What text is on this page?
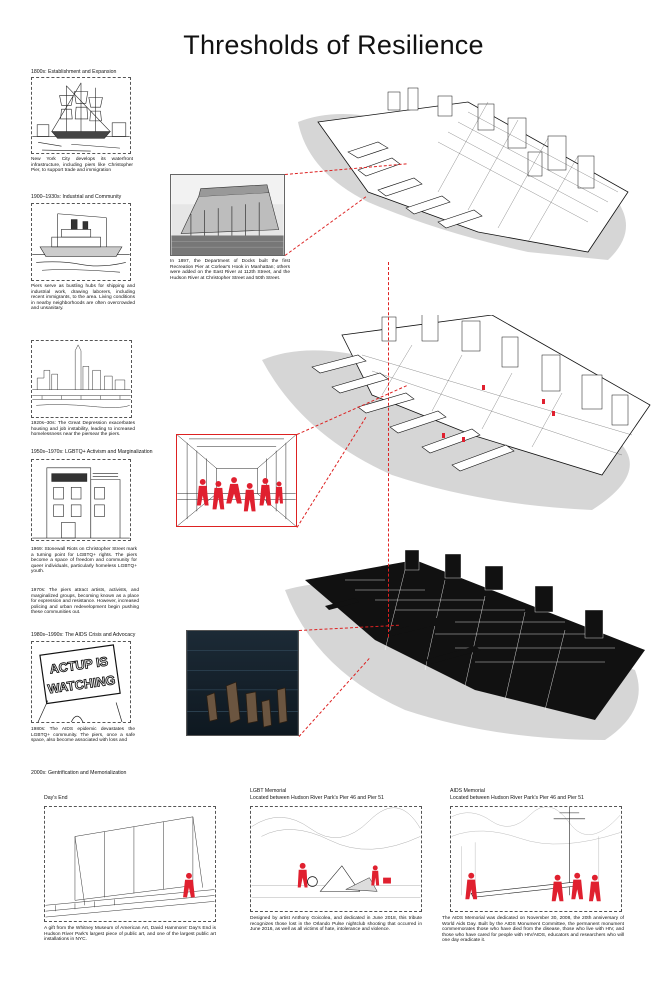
Thresholds of Resilience
1800s: Establishment and Expansion
New York City develops its waterfront infrastructure, including piers like Christopher Pier, to support trade and immigration
1900–1930s: Industrial and Community
Piers serve as bustling hubs for shipping and industrial work, drawing laborers, including recent immigrants, to the area. Living conditions in nearby neighborhoods are often overcrowded and unsanitary.
1920s–30s: The Great Depression exacerbates housing and job instability, leading to increased homelessness near the piersear the piers.
1950s–1970s: LGBTQ+ Activism and Marginalization
1969: Stonewall Riots on Christopher Street mark a turning point for LGBTQ+ rights. The piers become a space of freedom and community for queer individuals, particularly homeless LGBTQ+ youth.
1970s: The piers attract artists, activists, and marginalized groups, becoming known as a place for expression and resistance. However, increased policing and urban redevelopment begin pushing these communities out.
1980s–1990s: The AIDS Crisis and Advocacy
ACTUP IS
WATCHING
1980s: The AIDS epidemic devastates the LGBTQ+ community. The piers, once a safe space, also become associated with loss and
2000s: Gentrification and Memorialization
In 1897, the Department of Docks built the first Recreation Pier at Corlear's Hook in Manhattan; others were added on the East River at 112th Street, and the Hudson River at Christopher Street and 50th Street.
Day's End
A gift from the Whitney Museum of American Art, David Hammons' Day's End is Hudson River Park's largest piece of public art, and one of the largest public art installations in NYC.
LGBT Memorial
Located between Hudson River Park's Pier 46 and Pier 51
Designed by artist Anthony Goicolea, and dedicated in June 2018, this tribute recognizes those lost in the Orlando Pulse nightclub shooting that occurred in June 2016, as well as all victims of hate, intolerance and violence.
AIDS Memorial
Located between Hudson River Park's Pier 46 and Pier 51
The AIDS Memorial was dedicated on November 30, 2008, the 20th anniversary of World Aids Day. Built by the AIDS Monument Committee, the permanent monument commemorates those who have died from the disease, those who live with HIV, and those who have cared for people with HIV/AIDS, educators and researchers who will one day eradicate it.
